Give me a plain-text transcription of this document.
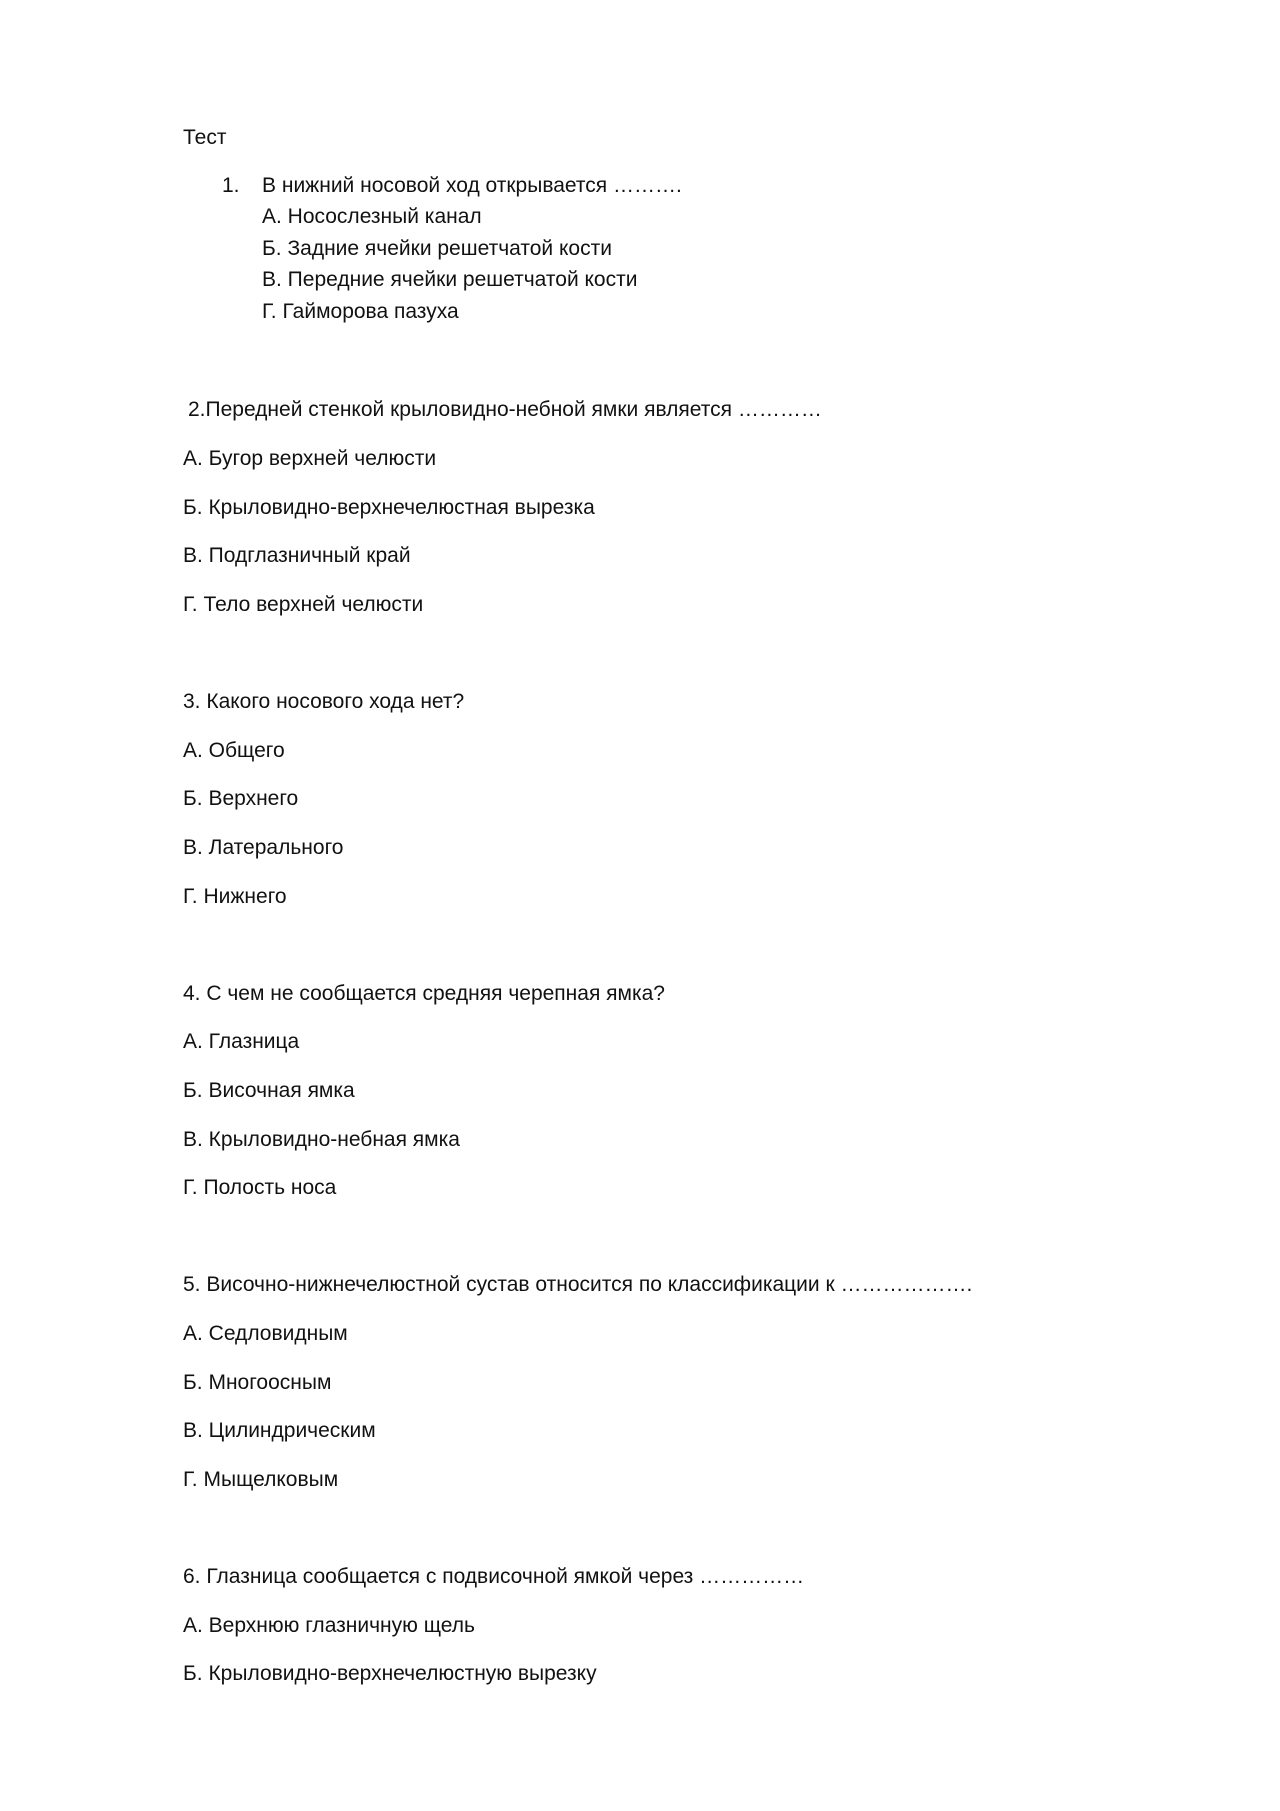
Тест
1. В нижний носовой ход открывается ……….
А. Носослезный канал
Б. Задние ячейки решетчатой кости
В. Передние ячейки решетчатой кости
Г. Гайморова пазуха
2.Передней стенкой крыловидно-небной ямки является …………
А. Бугор верхней челюсти
Б. Крыловидно-верхнечелюстная вырезка
В. Подглазничный край
Г. Тело верхней челюсти
3. Какого носового хода нет?
А. Общего
Б. Верхнего
В. Латерального
Г. Нижнего
4. С чем не сообщается средняя черепная ямка?
А. Глазница
Б. Височная ямка
В. Крыловидно-небная ямка
Г. Полость носа
5. Височно-нижнечелюстной сустав относится по классификации к ……………….
А. Седловидным
Б. Многоосным
В. Цилиндрическим
Г. Мыщелковым
6. Глазница сообщается с подвисочной ямкой через ……………
А. Верхнюю глазничную щель
Б. Крыловидно-верхнечелюстную вырезку
